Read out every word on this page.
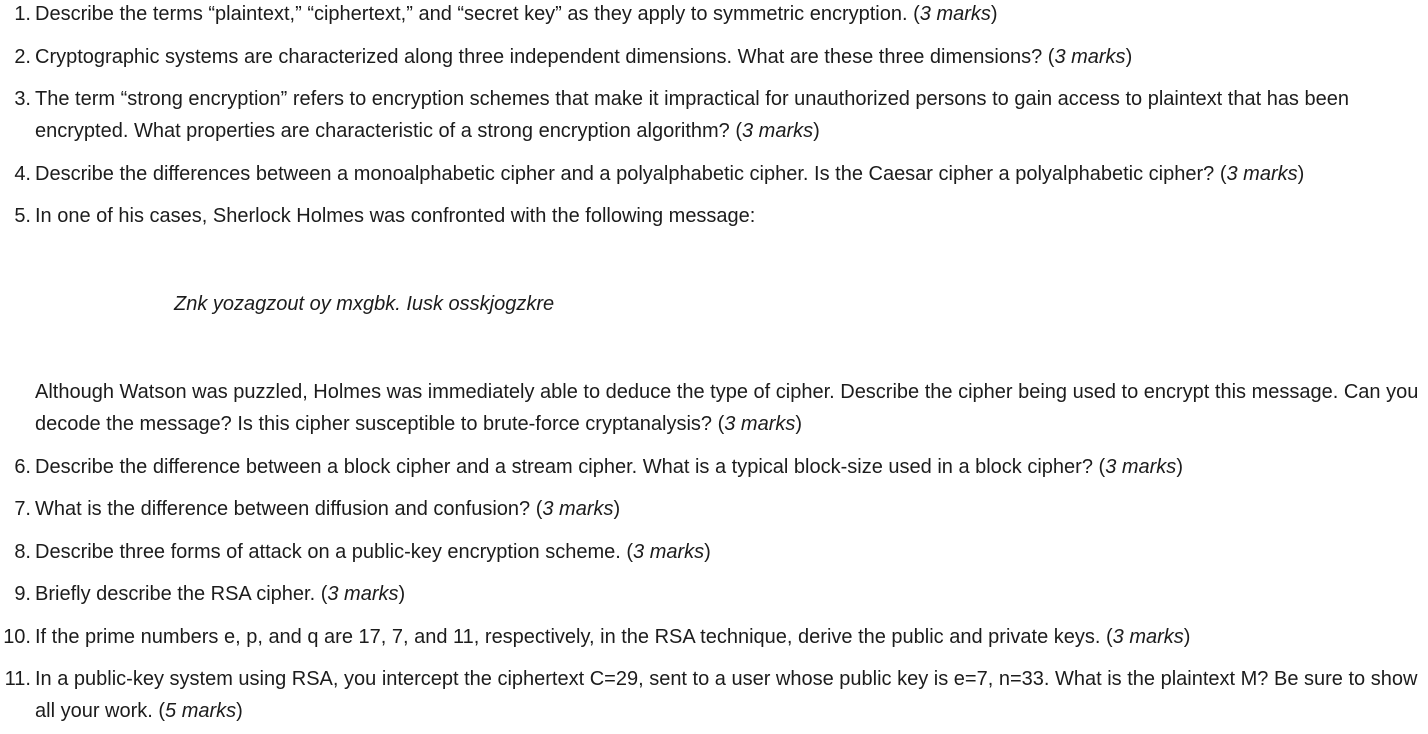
1. Describe the terms “plaintext,” “ciphertext,” and “secret key” as they apply to symmetric encryption. (3 marks)
2. Cryptographic systems are characterized along three independent dimensions. What are these three dimensions? (3 marks)
3. The term “strong encryption” refers to encryption schemes that make it impractical for unauthorized persons to gain access to plaintext that has been encrypted. What properties are characteristic of a strong encryption algorithm? (3 marks)
4. Describe the differences between a monoalphabetic cipher and a polyalphabetic cipher. Is the Caesar cipher a polyalphabetic cipher? (3 marks)
5. In one of his cases, Sherlock Holmes was confronted with the following message:
Znk yozagzout oy mxgbk. Iusk osskjogzkre
Although Watson was puzzled, Holmes was immediately able to deduce the type of cipher. Describe the cipher being used to encrypt this message. Can you decode the message? Is this cipher susceptible to brute-force cryptanalysis? (3 marks)
6. Describe the difference between a block cipher and a stream cipher. What is a typical block-size used in a block cipher? (3 marks)
7. What is the difference between diffusion and confusion? (3 marks)
8. Describe three forms of attack on a public-key encryption scheme. (3 marks)
9. Briefly describe the RSA cipher. (3 marks)
10. If the prime numbers e, p, and q are 17, 7, and 11, respectively, in the RSA technique, derive the public and private keys. (3 marks)
11. In a public-key system using RSA, you intercept the ciphertext C=29, sent to a user whose public key is e=7, n=33. What is the plaintext M? Be sure to show all your work. (5 marks)
